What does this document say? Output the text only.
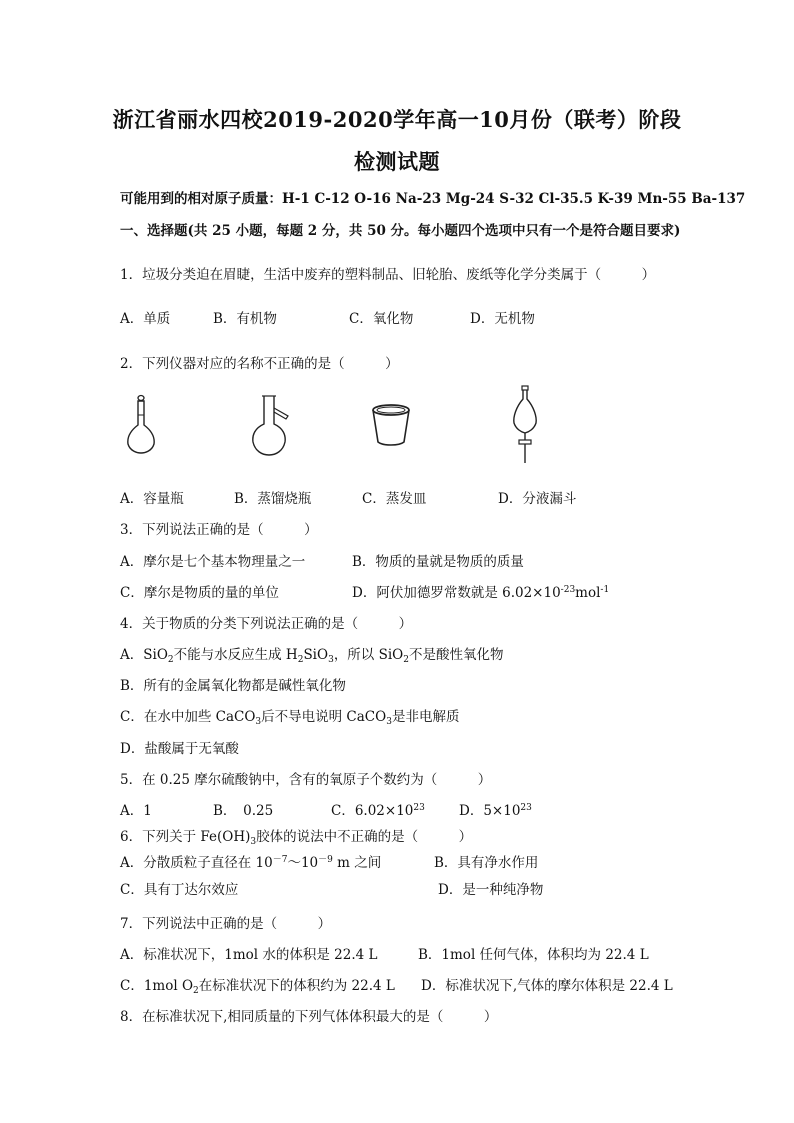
浙江省丽水四校2019-2020学年高一10月份（联考）阶段
检测试题
可能用到的相对原子质量：H-1 C-12 O-16 Na-23 Mg-24 S-32 Cl-35.5 K-39 Mn-55 Ba-137
一、选择题(共 25 小题，每题 2 分，共 50 分。每小题四个选项中只有一个是符合题目要求)
1．垃圾分类迫在眉睫，生活中废弃的塑料制品、旧轮胎、废纸等化学分类属于（　　　）
A．单质	B．有机物	C．氧化物	D．无机物
2．下列仪器对应的名称不正确的是（　　　）
A．容量瓶	B．蒸馏烧瓶	C．蒸发皿	D．分液漏斗
3．下列说法正确的是（　　　）
A．摩尔是七个基本物理量之一	B．物质的量就是物质的质量
C．摩尔是物质的量的单位	D．阿伏加德罗常数就是 $6.02\times 10^{-23}mol^{-1}$
4．关于物质的分类下列说法正确的是（　　　）
A．SiO$_2$不能与水反应生成 $H_2SiO_3$，所以 SiO$_2$不是酸性氧化物
B．所有的金属氧化物都是碱性氧化物
C．在水中加些 CaCO$_3$后不导电说明 CaCO$_3$是非电解质
D．盐酸属于无氧酸
5．在 0.25 摩尔硫酸钠中，含有的氧原子个数约为（　　　）
A．1	B．　0.25	C．$6.02\times 10^{23}$	D．$5\times 10^{23}$
6．下列关于 $Fe(OH)_3$胶体的说法中不正确的是（　　　）
A．分散质粒子直径在 $10^{-7}\sim 10^{-9}$ m 之间	B．具有净水作用
C．具有丁达尔效应	D．是一种纯净物
7．下列说法中正确的是（　　　）
A．标准状况下，1mol 水的体积是 22.4 L	B．1mol 任何气体，体积均为 22.4 L
C．1mol $O_2$在标准状况下的体积约为 22.4 L D．标准状况下,气体的摩尔体积是 22.4 L
8．在标准状况下,相同质量的下列气体体积最大的是（　　　）
